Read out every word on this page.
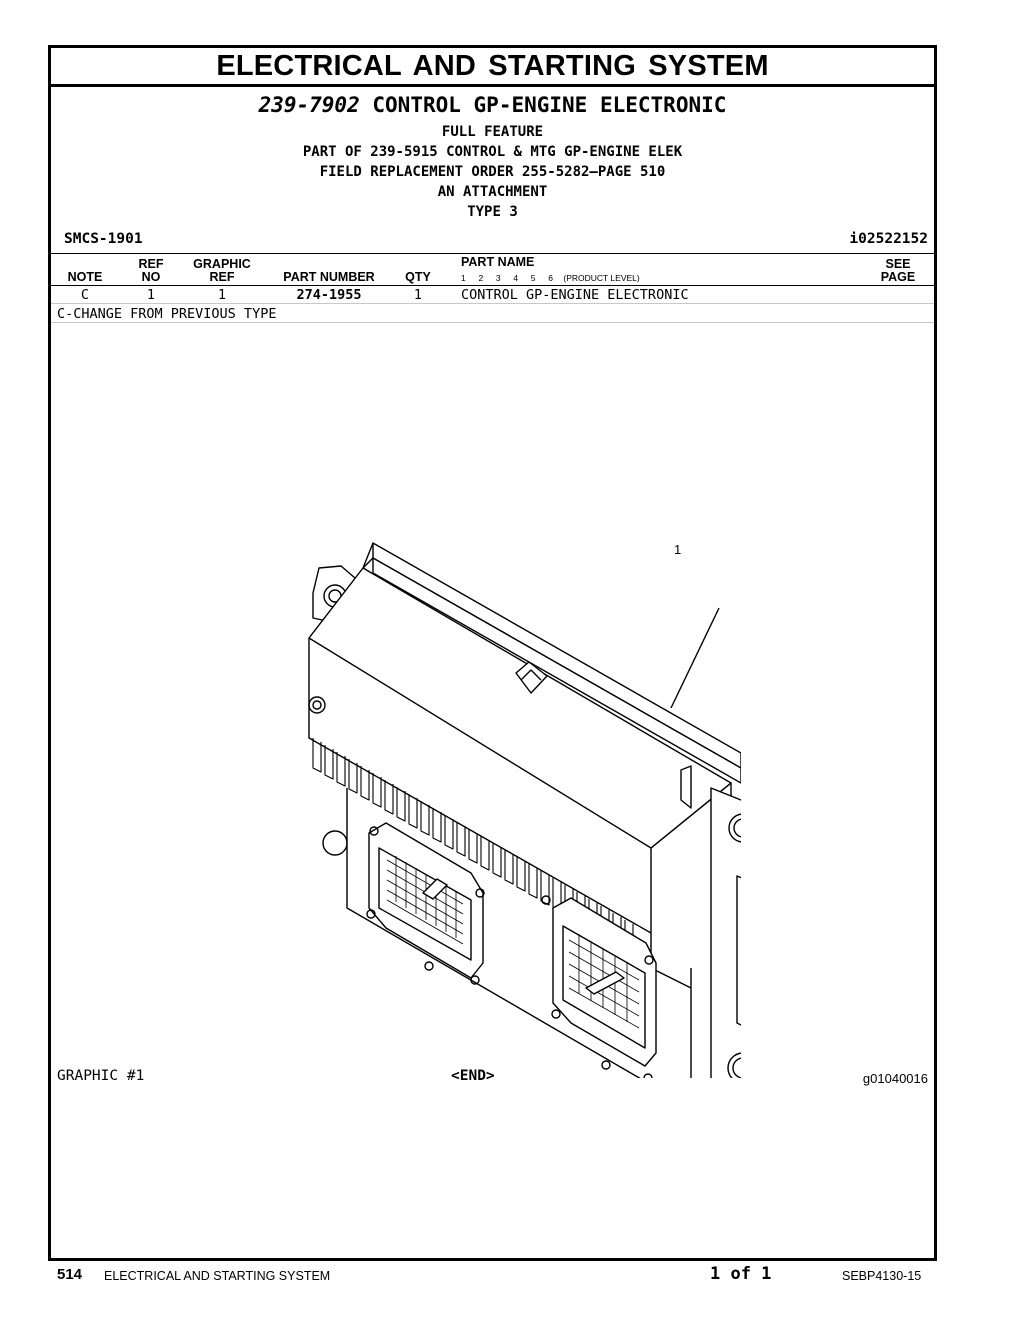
ELECTRICAL AND STARTING SYSTEM
239-7902 CONTROL GP-ENGINE ELECTRONIC
FULL FEATURE
PART OF 239-5915 CONTROL & MTG GP-ENGINE ELEK
FIELD REPLACEMENT ORDER 255-5282—PAGE 510
AN ATTACHMENT
TYPE 3
SMCS-1901	i02522152
REF	GRAPHIC	PART NAME	SEE
NOTE	NO	REF	PART NUMBER	QTY	1  2  3  4  5  6 (PRODUCT LEVEL)	PAGE
C	1	1	274-1955	1	CONTROL GP-ENGINE ELECTRONIC
C-CHANGE FROM PREVIOUS TYPE
1
GRAPHIC #1	<END>	g01040016
514 ELECTRICAL AND STARTING SYSTEM	1 of 1	SEBP4130-15
